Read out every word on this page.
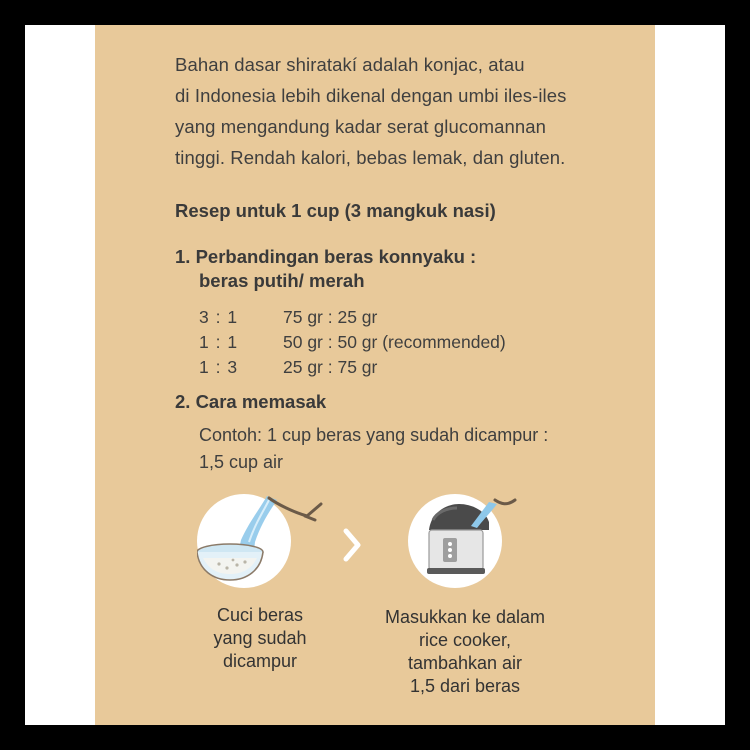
Bahan dasar shiratakí adalah konjac, atau
di Indonesia lebih dikenal dengan umbi iles-iles
yang mengandung kadar serat glucomannan
tinggi. Rendah kalori, bebas lemak, dan gluten.

Resep untuk 1 cup (3 mangkuk nasi)
1. Perbandingan beras konnyaku :
beras putih/ merah
3 : 1	75 gr : 25 gr
1 : 1	50 gr : 50 gr (recommended)
1 : 3	25 gr : 75 gr
2. Cara memasak

Contoh: 1 cup beras yang sudah dicampur :
1,5 cup air

Cuci beras
yang sudah
dicampur

Masukkan ke dalam
rice cooker,
tambahkan air
1,5 dari beras
